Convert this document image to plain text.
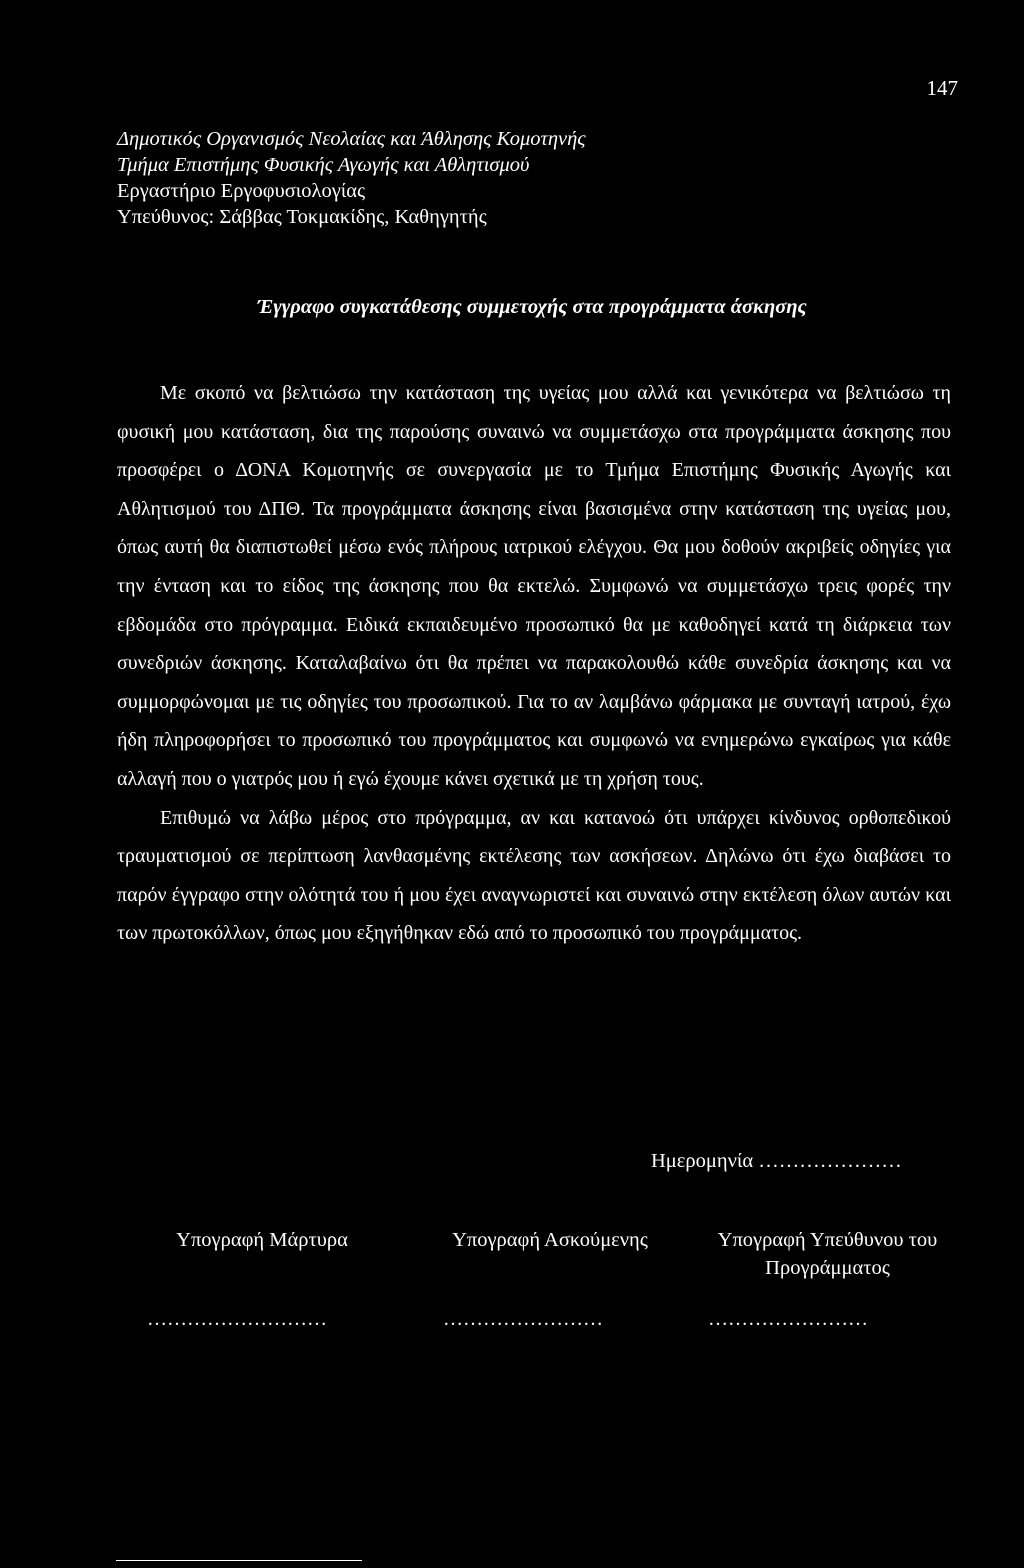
147
Δημοτικός Οργανισμός Νεολαίας και Άθλησης Κομοτηνής
Τμήμα Επιστήμης Φυσικής Αγωγής και Αθλητισμού
Εργαστήριο Εργοφυσιολογίας
Υπεύθυνος: Σάββας Τοκμακίδης, Καθηγητής
Έγγραφο συγκατάθεσης συμμετοχής στα προγράμματα άσκησης

Με σκοπό να βελτιώσω την κατάσταση της υγείας μου αλλά και γενικότερα να βελτιώσω τη φυσική μου κατάσταση, δια της παρούσης συναινώ να συμμετάσχω στα προγράμματα άσκησης που προσφέρει ο ΔΟΝΑ Κομοτηνής σε συνεργασία με το Τμήμα Επιστήμης Φυσικής Αγωγής και Αθλητισμού του ΔΠΘ. Τα προγράμματα άσκησης είναι βασισμένα στην κατάσταση της υγείας μου, όπως αυτή θα διαπιστωθεί μέσω ενός πλήρους ιατρικού ελέγχου. Θα μου δοθούν ακριβείς οδηγίες για την ένταση και το είδος της άσκησης που θα εκτελώ. Συμφωνώ να συμμετάσχω τρεις φορές την εβδομάδα στο πρόγραμμα. Ειδικά εκπαιδευμένο προσωπικό θα με καθοδηγεί κατά τη διάρκεια των συνεδριών άσκησης. Καταλαβαίνω ότι θα πρέπει να παρακολουθώ κάθε συνεδρία άσκησης και να συμμορφώνομαι με τις οδηγίες του προσωπικού. Για το αν λαμβάνω φάρμακα με συνταγή ιατρού, έχω ήδη πληροφορήσει το προσωπικό του προγράμματος και συμφωνώ να ενημερώνω εγκαίρως για κάθε αλλαγή που ο γιατρός μου ή εγώ έχουμε κάνει σχετικά με τη χρήση τους.

Επιθυμώ να λάβω μέρος στο πρόγραμμα, αν και κατανοώ ότι υπάρχει κίνδυνος ορθοπεδικού τραυματισμού σε περίπτωση λανθασμένης εκτέλεσης των ασκήσεων. Δηλώνω ότι έχω διαβάσει το παρόν έγγραφο στην ολότητά του ή μου έχει αναγνωριστεί και συναινώ στην εκτέλεση όλων αυτών και των πρωτοκόλλων, όπως μου εξηγήθηκαν εδώ από το προσωπικό του προγράμματος.

Ημερομηνία …………………
Υπογραφή Μάρτυρα	Υπογραφή Ασκούμενης	Υπογραφή Υπεύθυνου του Προγράμματος
………………………	……………………	……………………
